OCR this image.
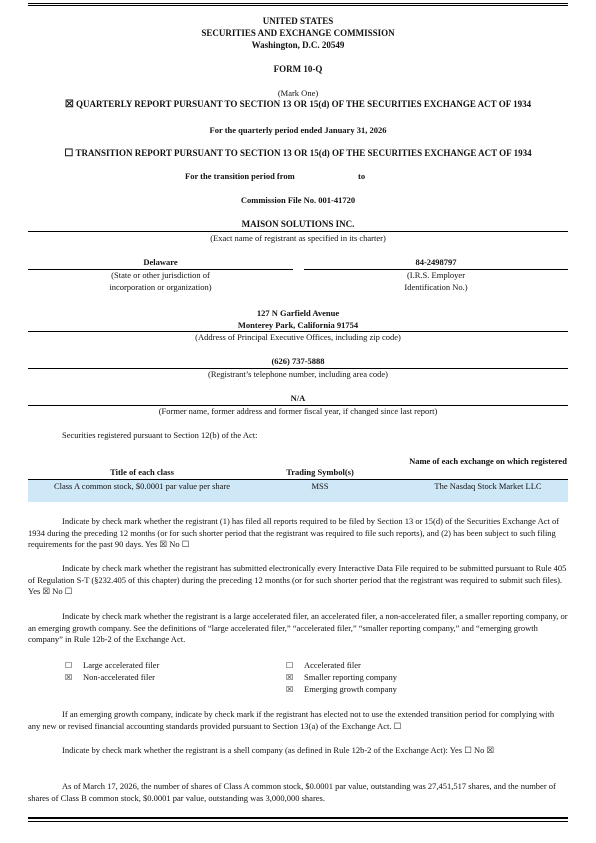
UNITED STATES
SECURITIES AND EXCHANGE COMMISSION
Washington, D.C. 20549
FORM 10-Q
(Mark One)
☒ QUARTERLY REPORT PURSUANT TO SECTION 13 OR 15(d) OF THE SECURITIES EXCHANGE ACT OF 1934
For the quarterly period ended January 31, 2026
☐ TRANSITION REPORT PURSUANT TO SECTION 13 OR 15(d) OF THE SECURITIES EXCHANGE ACT OF 1934
For the transition period from	to
Commission File No. 001-41720
MAISON SOLUTIONS INC.
(Exact name of registrant as specified in its charter)
Delaware
(State or other jurisdiction of
incorporation or organization)
84-2498797
(I.R.S. Employer
Identification No.)
127 N Garfield Avenue
Monterey Park, California 91754
(Address of Principal Executive Offices, including zip code)
(626) 737-5888
(Registrant’s telephone number, including area code)
N/A
(Former name, former address and former fiscal year, if changed since last report)
Securities registered pursuant to Section 12(b) of the Act:
Title of each class	Trading Symbol(s)
Name of each exchange on which registered
Class A common stock, $0.0001 par value per share	MSS	The Nasdaq Stock Market LLC
Indicate by check mark whether the registrant (1) has filed all reports required to be filed by Section 13 or 15(d) of the Securities Exchange Act of 1934 during the preceding 12 months (or for such shorter period that the registrant was required to file such reports), and (2) has been subject to such filing requirements for the past 90 days. Yes ☒ No ☐
Indicate by check mark whether the registrant has submitted electronically every Interactive Data File required to be submitted pursuant to Rule 405 of Regulation S-T (§232.405 of this chapter) during the preceding 12 months (or for such shorter period that the registrant was required to submit such files). Yes ☒ No ☐
Indicate by check mark whether the registrant is a large accelerated filer, an accelerated filer, a non-accelerated filer, a smaller reporting company, or an emerging growth company. See the definitions of “large accelerated filer,” “accelerated filer,” “smaller reporting company,” and “emerging growth company” in Rule 12b-2 of the Exchange Act.
☐ Large accelerated filer
☒ Non-accelerated filer
☐ Accelerated filer
☒ Smaller reporting company
☒ Emerging growth company
If an emerging growth company, indicate by check mark if the registrant has elected not to use the extended transition period for complying with any new or revised financial accounting standards provided pursuant to Section 13(a) of the Exchange Act. ☐
Indicate by check mark whether the registrant is a shell company (as defined in Rule 12b-2 of the Exchange Act): Yes ☐ No ☒
As of March 17, 2026, the number of shares of Class A common stock, $0.0001 par value, outstanding was 27,451,517 shares, and the number of shares of Class B common stock, $0.0001 par value, outstanding was 3,000,000 shares.
